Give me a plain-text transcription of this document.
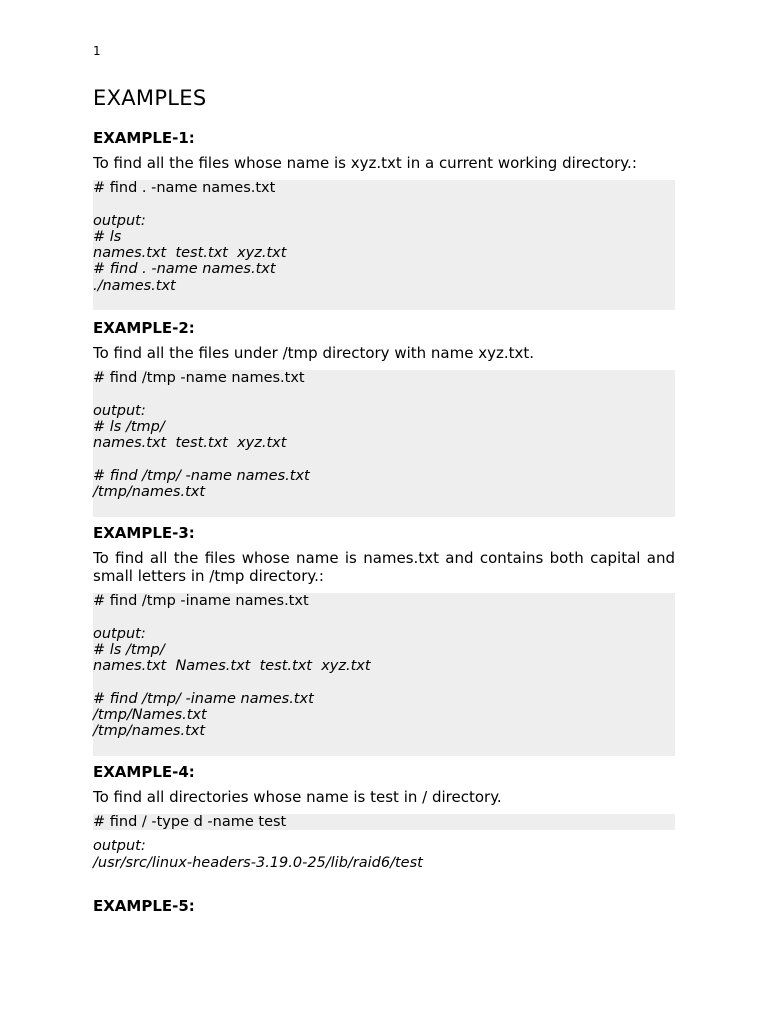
1
EXAMPLES
EXAMPLE-1:

To find all the files whose name is xyz.txt in a current working directory.:

# find . -name names.txt
output:
# ls
names.txt  test.txt  xyz.txt
# find . -name names.txt
./names.txt
EXAMPLE-2:

To find all the files under /tmp directory with name xyz.txt.

# find /tmp -name names.txt
output:
# ls /tmp/
names.txt  test.txt  xyz.txt
# find /tmp/ -name names.txt
/tmp/names.txt
EXAMPLE-3:

To find all the files whose name is names.txt and contains both capital and small letters in /tmp directory.:

# find /tmp -iname names.txt
output:
# ls /tmp/
names.txt  Names.txt  test.txt  xyz.txt
# find /tmp/ -iname names.txt
/tmp/Names.txt
/tmp/names.txt
EXAMPLE-4:

To find all directories whose name is test in / directory.

# find / -type d -name test
output:
/usr/src/linux-headers-3.19.0-25/lib/raid6/test
EXAMPLE-5:
